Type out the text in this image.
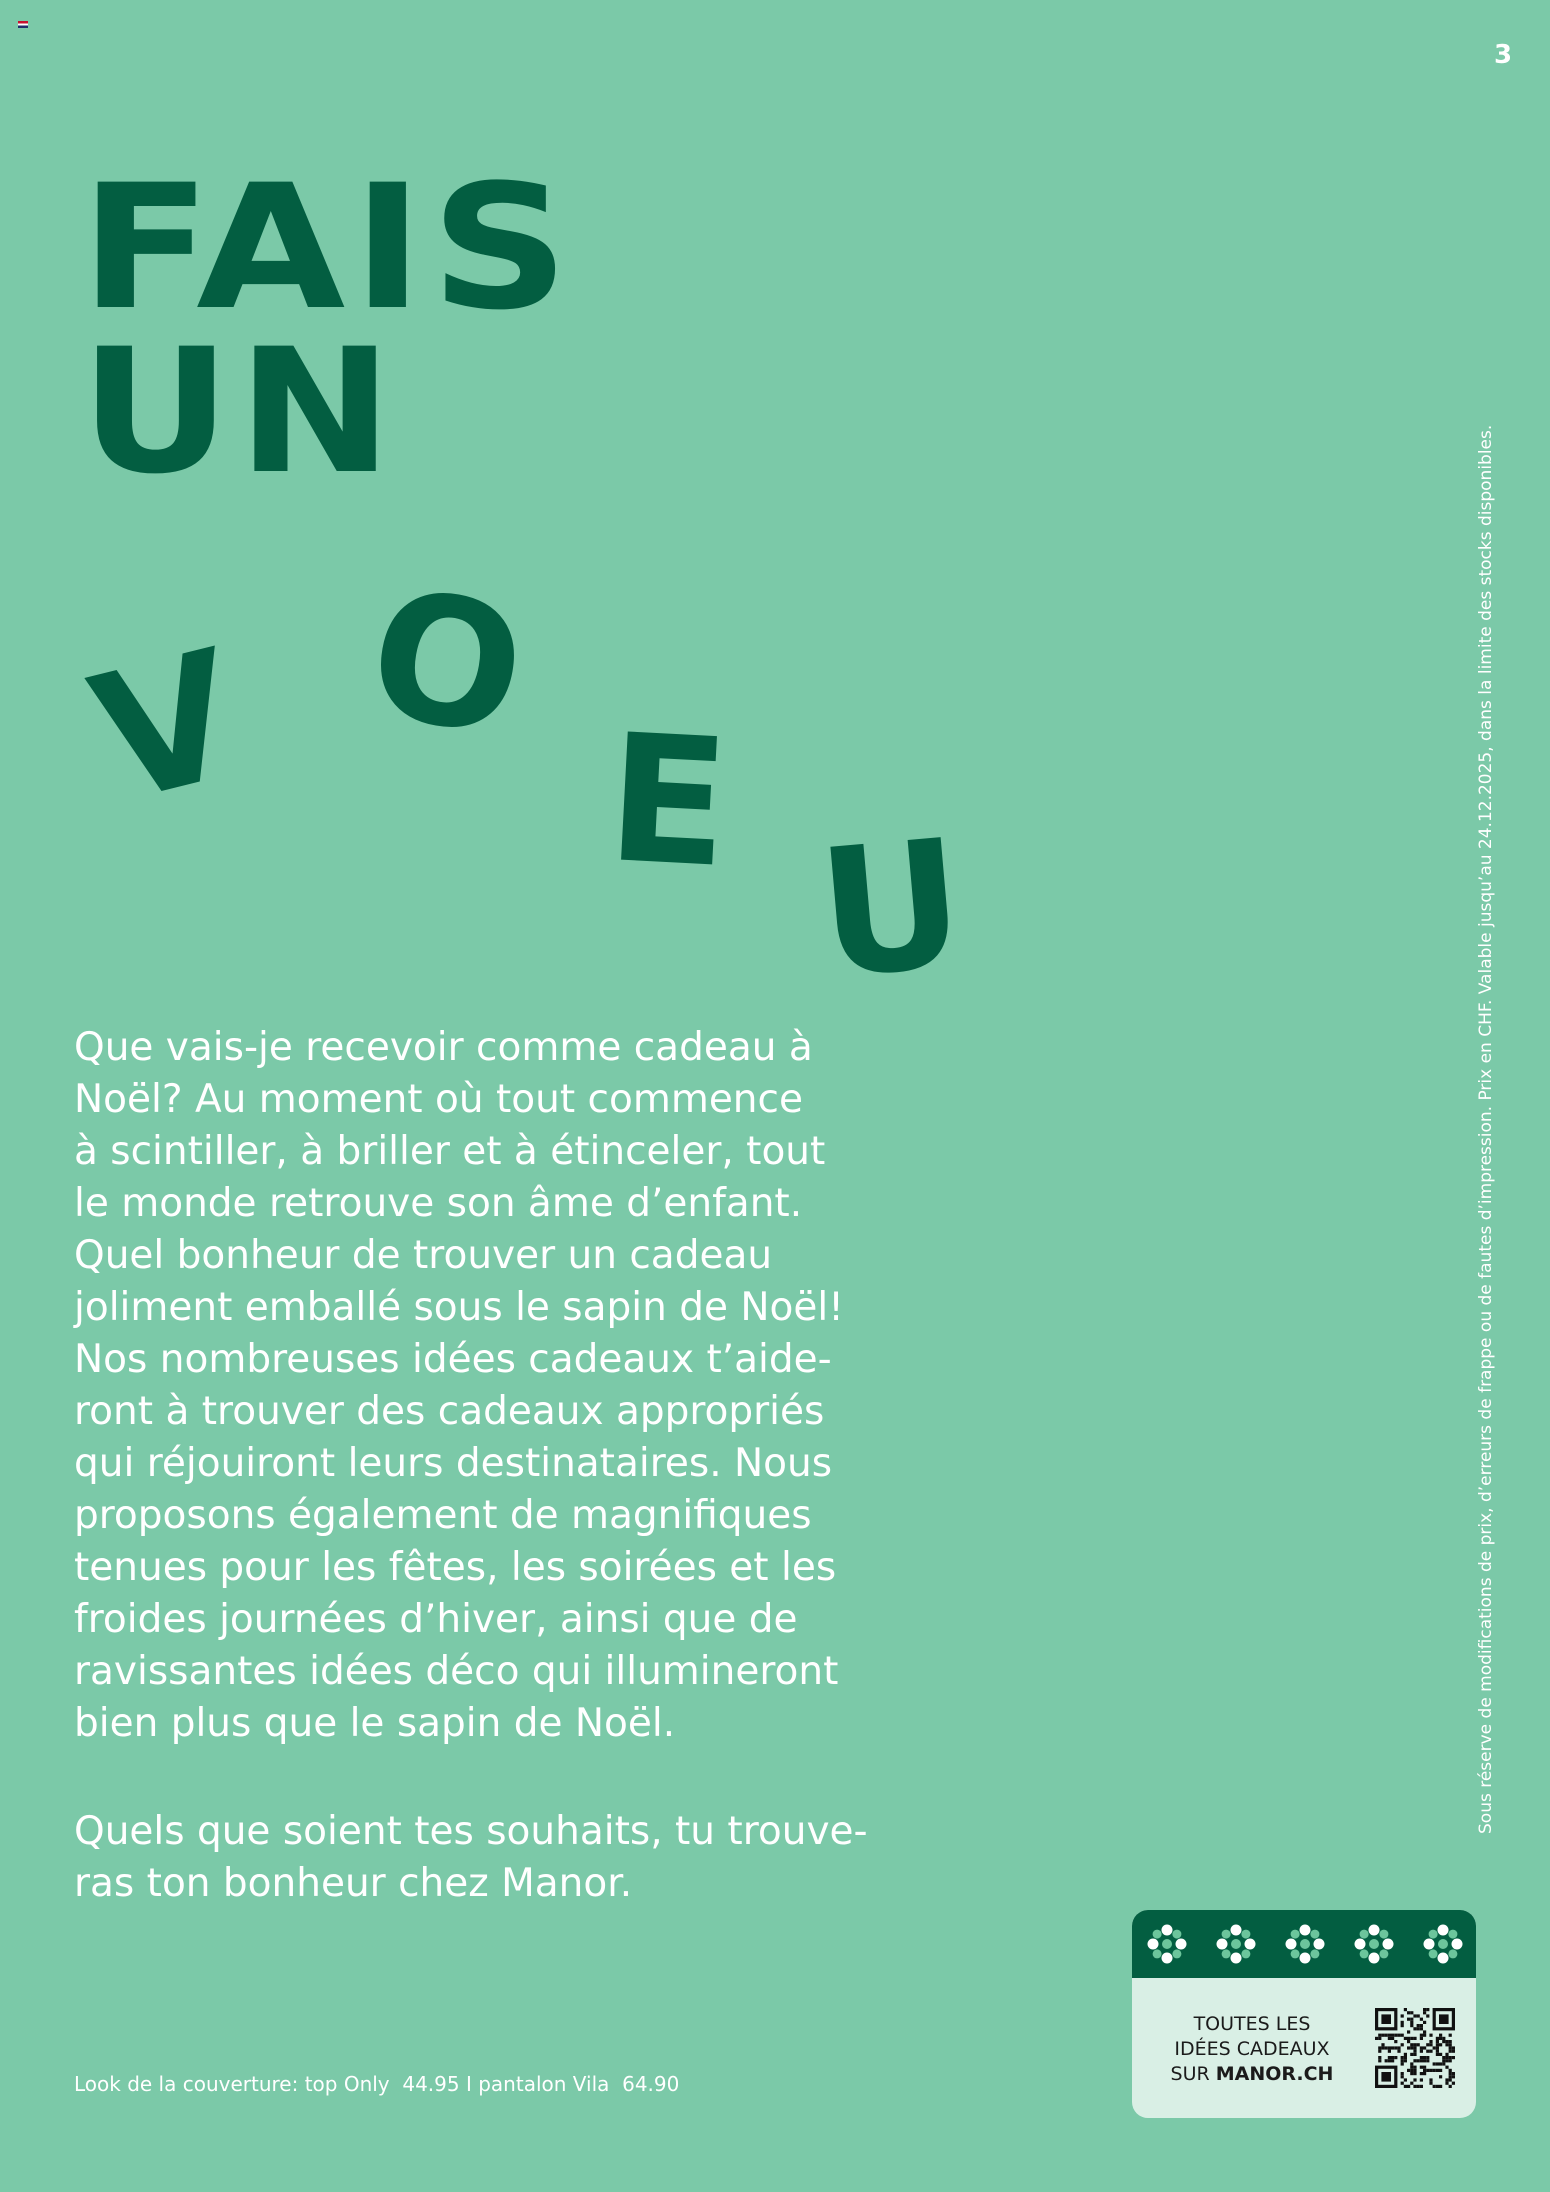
3
FAIS
UN
V O
E U

Que vais-je recevoir comme cadeau à
Noël? Au moment où tout commence
à scintiller, à briller et à étinceler, tout
le monde retrouve son âme d’enfant.
Quel bonheur de trouver un cadeau
joliment emballé sous le sapin de Noël!
Nos nombreuses idées cadeaux t’aide-
ront à trouver des cadeaux appropriés
qui réjouiront leurs destinataires. Nous
proposons également de magnifiques
tenues pour les fêtes, les soirées et les
froides journées d’hiver, ainsi que de
ravissantes idées déco qui illumineront
bien plus que le sapin de Noël.

Quels que soient tes souhaits, tu trouve-
ras ton bonheur chez Manor.

Sous réserve de modifications de prix, d’erreurs de frappe ou de fautes d’impression. Prix en CHF. Valable jusqu’au 24.12.2025, dans la limite des stocks disponibles.
Look de la couverture: top Only  44.95 I pantalon Vila  64.90
TOUTES LES
IDÉES CADEAUX
SUR MANOR.CH
